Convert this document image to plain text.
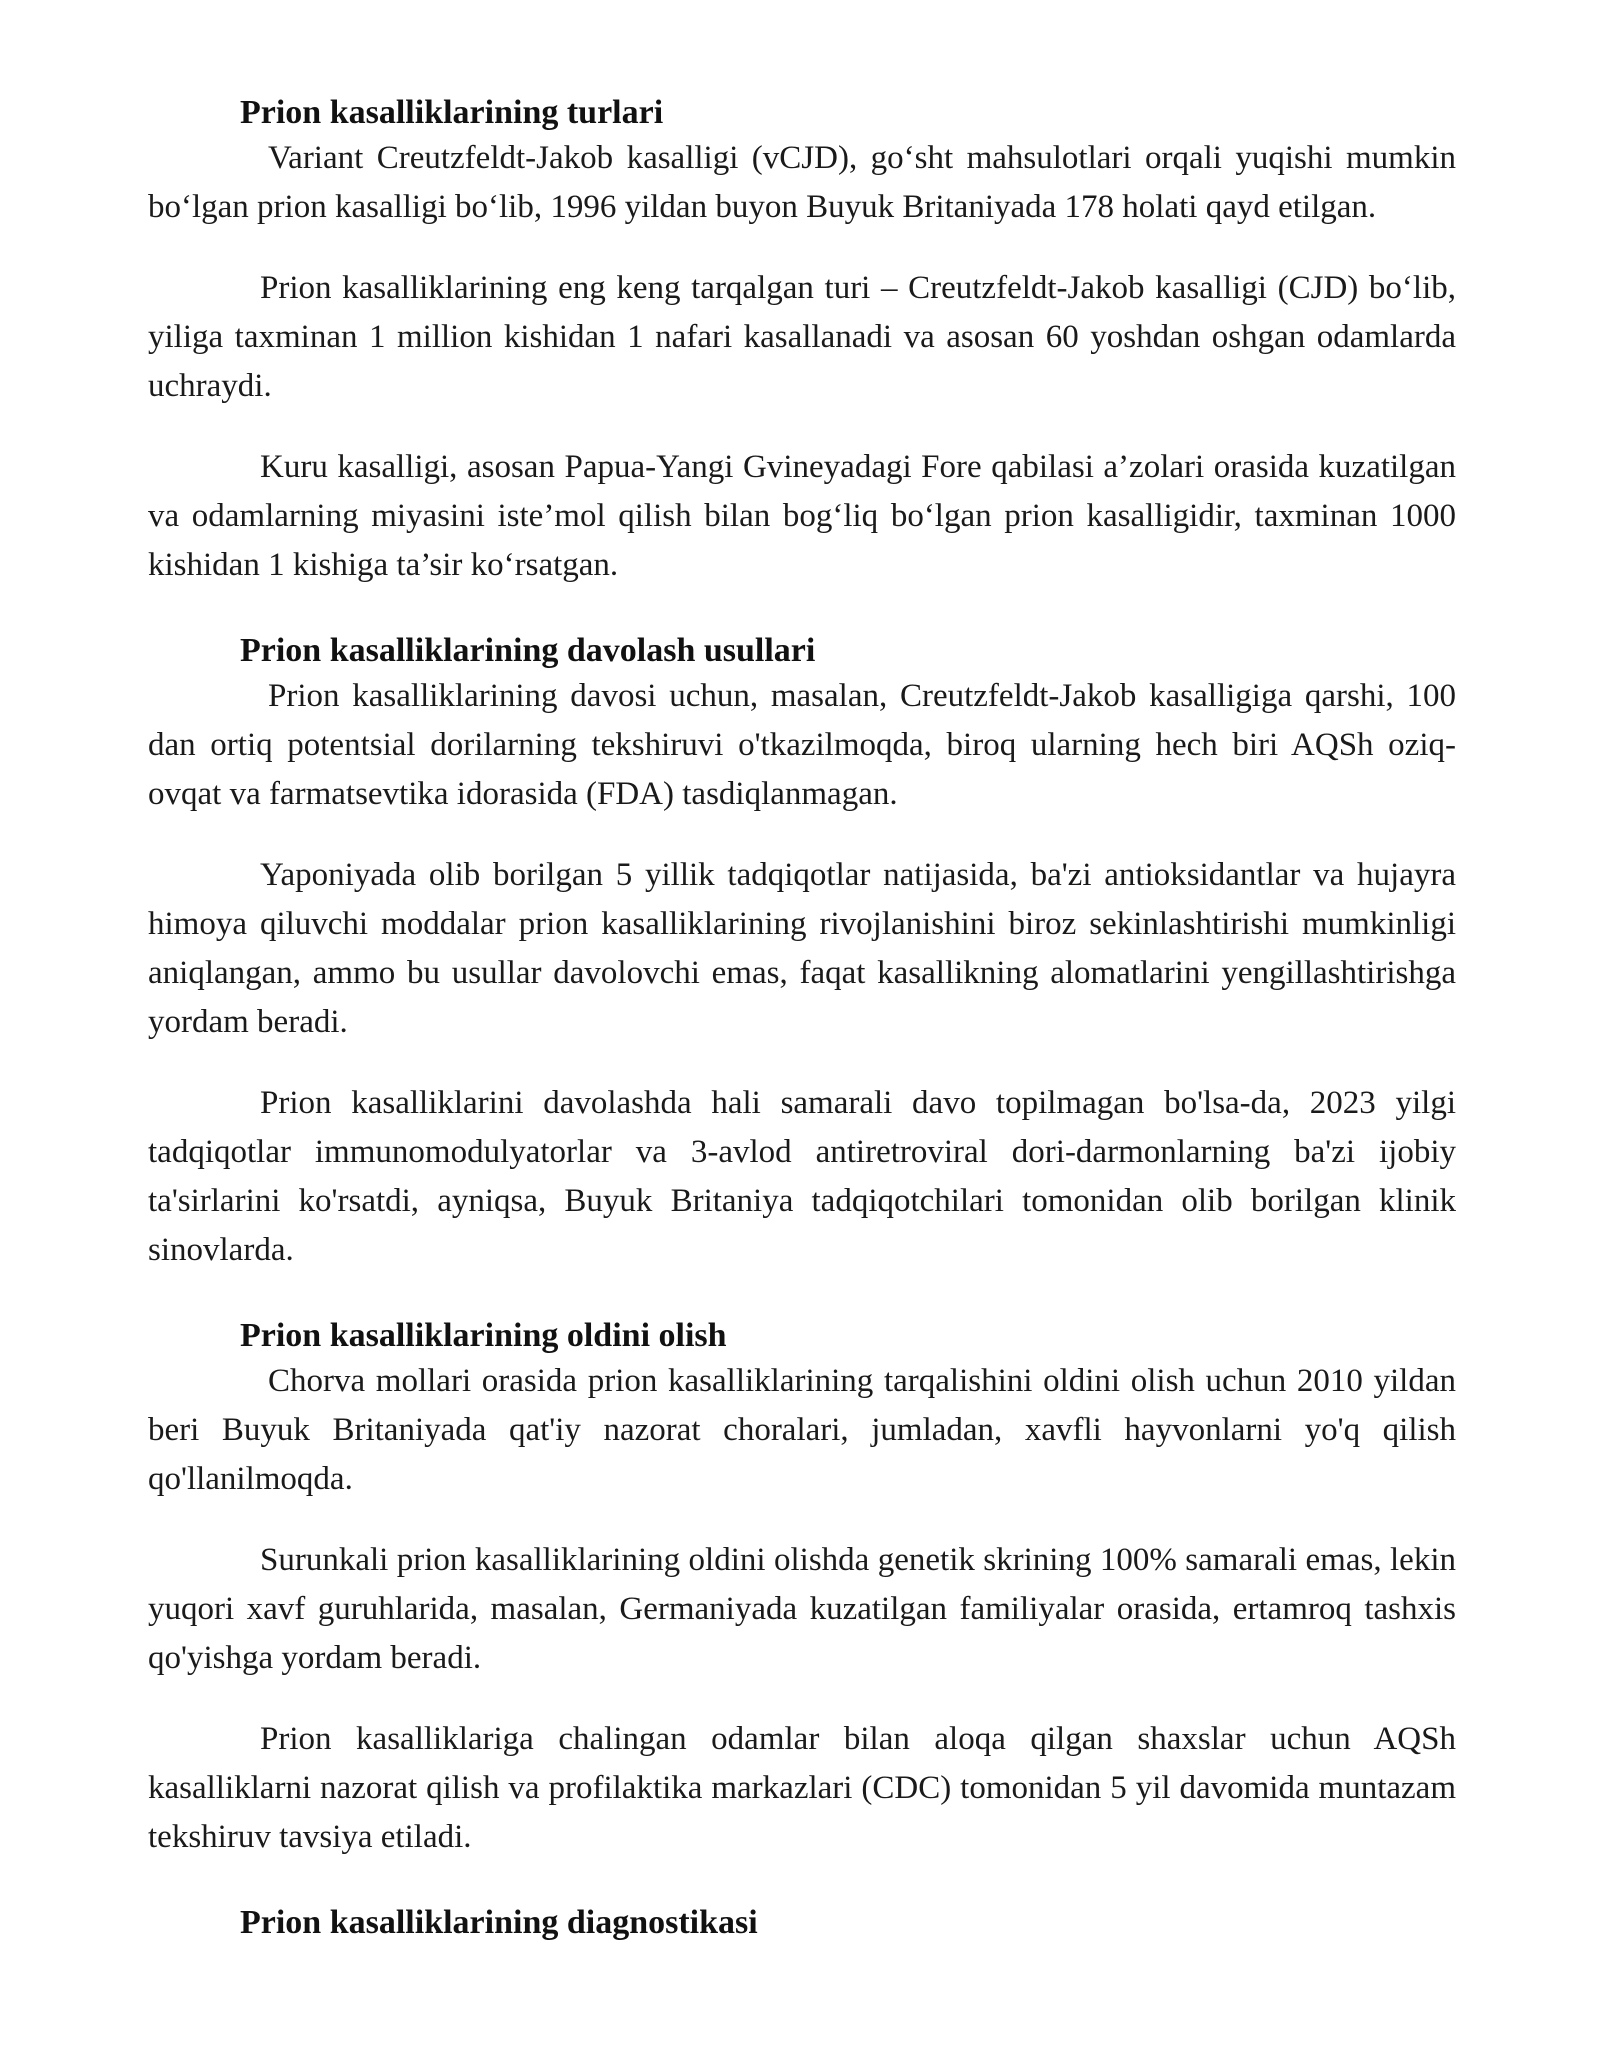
Prion kasalliklarining turlari

Variant Creutzfeldt-Jakob kasalligi (vCJD), go‘sht mahsulotlari orqali yuqishi mumkin bo‘lgan prion kasalligi bo‘lib, 1996 yildan buyon Buyuk Britaniyada 178 holati qayd etilgan.

Prion kasalliklarining eng keng tarqalgan turi – Creutzfeldt-Jakob kasalligi (CJD) bo‘lib, yiliga taxminan 1 million kishidan 1 nafari kasallanadi va asosan 60 yoshdan oshgan odamlarda uchraydi.

Kuru kasalligi, asosan Papua-Yangi Gvineyadagi Fore qabilasi a’zolari orasida kuzatilgan va odamlarning miyasini iste’mol qilish bilan bog‘liq bo‘lgan prion kasalligidir, taxminan 1000 kishidan 1 kishiga ta’sir ko‘rsatgan.

Prion kasalliklarining davolash usullari

Prion kasalliklarining davosi uchun, masalan, Creutzfeldt-Jakob kasalligiga qarshi, 100 dan ortiq potentsial dorilarning tekshiruvi o'tkazilmoqda, biroq ularning hech biri AQSh oziq-ovqat va farmatsevtika idorasida (FDA) tasdiqlanmagan.

Yaponiyada olib borilgan 5 yillik tadqiqotlar natijasida, ba'zi antioksidantlar va hujayra himoya qiluvchi moddalar prion kasalliklarining rivojlanishini biroz sekinlashtirishi mumkinligi aniqlangan, ammo bu usullar davolovchi emas, faqat kasallikning alomatlarini yengillashtirishga yordam beradi.

Prion kasalliklarini davolashda hali samarali davo topilmagan bo'lsa-da, 2023 yilgi tadqiqotlar immunomodulyatorlar va 3-avlod antiretroviral dori-darmonlarning ba'zi ijobiy ta'sirlarini ko'rsatdi, ayniqsa, Buyuk Britaniya tadqiqotchilari tomonidan olib borilgan klinik sinovlarda.

Prion kasalliklarining oldini olish

Chorva mollari orasida prion kasalliklarining tarqalishini oldini olish uchun 2010 yildan beri Buyuk Britaniyada qat'iy nazorat choralari, jumladan, xavfli hayvonlarni yo'q qilish qo'llanilmoqda.

Surunkali prion kasalliklarining oldini olishda genetik skrining 100% samarali emas, lekin yuqori xavf guruhlarida, masalan, Germaniyada kuzatilgan familiyalar orasida, ertamroq tashxis qo'yishga yordam beradi.

Prion kasalliklariga chalingan odamlar bilan aloqa qilgan shaxslar uchun AQSh kasalliklarni nazorat qilish va profilaktika markazlari (CDC) tomonidan 5 yil davomida muntazam tekshiruv tavsiya etiladi.

Prion kasalliklarining diagnostikasi
